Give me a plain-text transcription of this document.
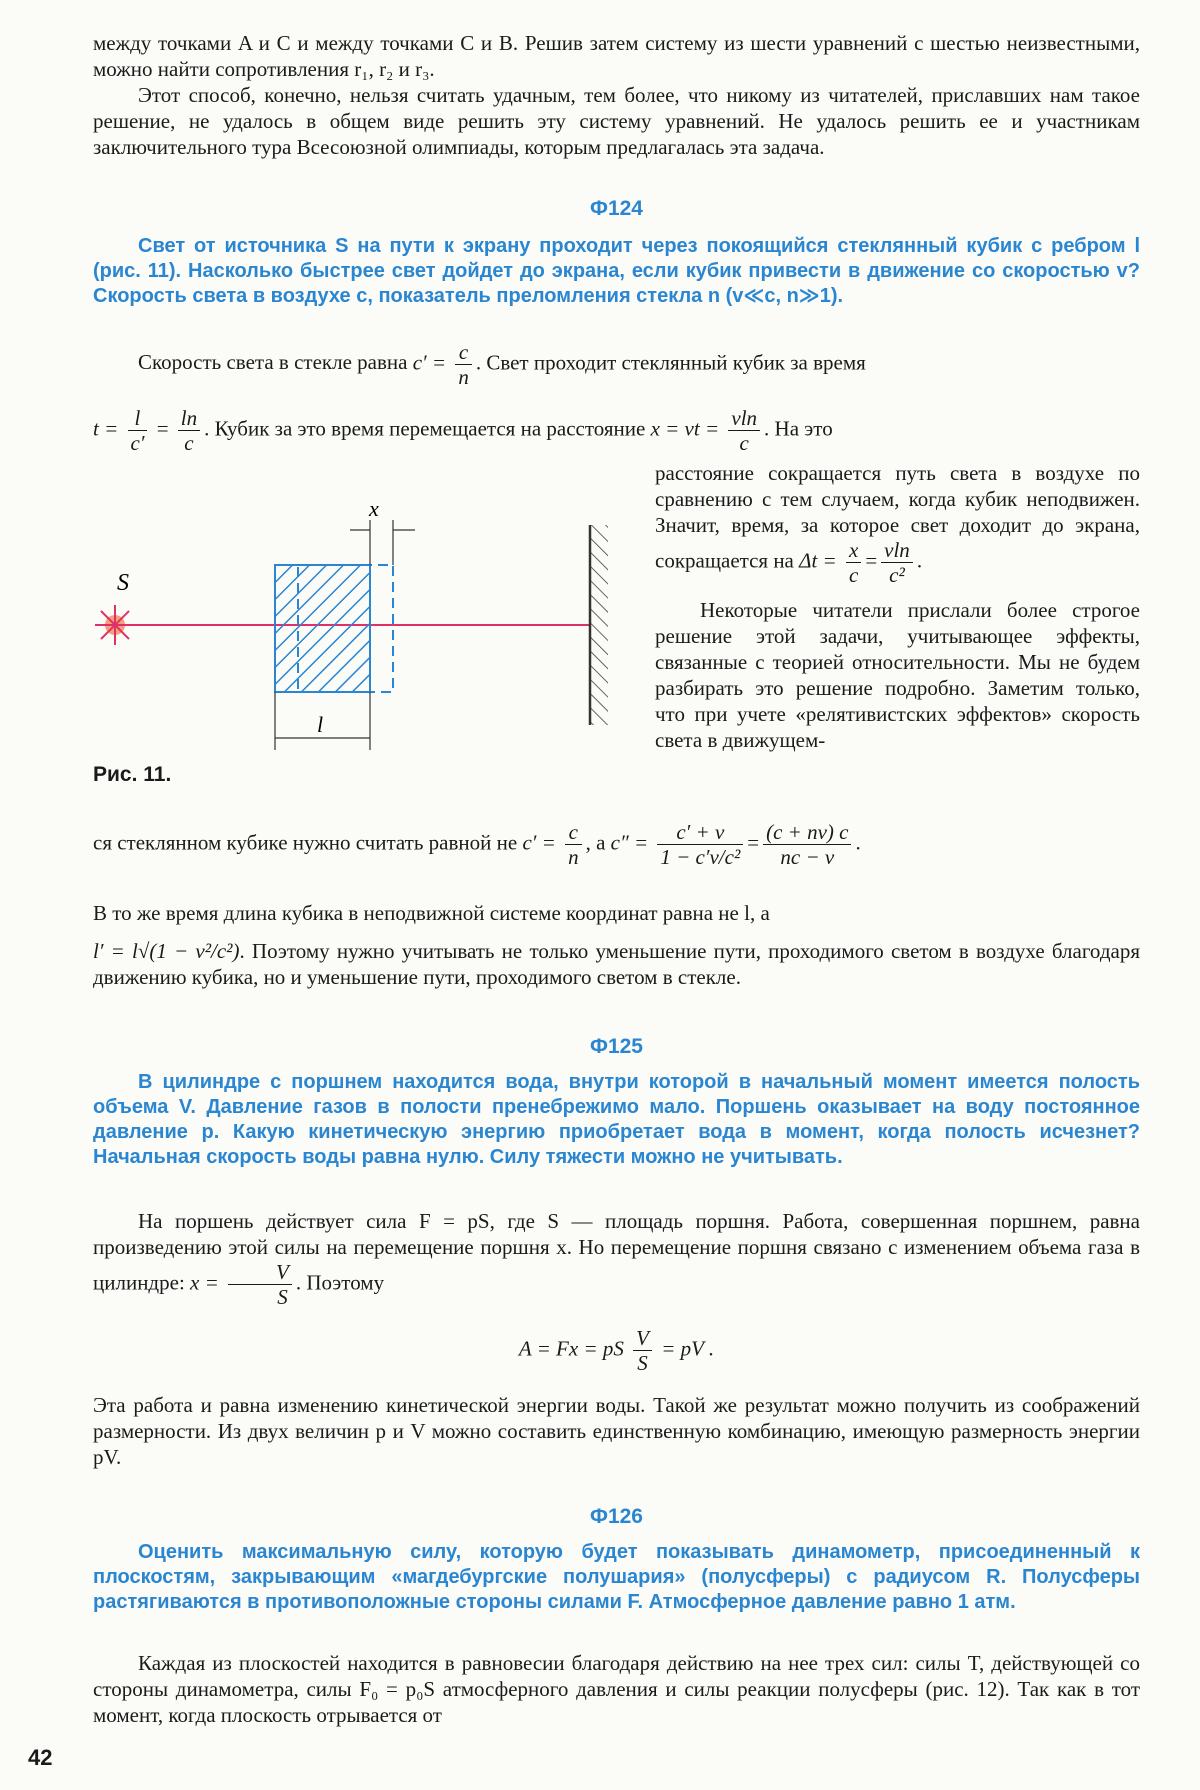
между точками A и C и между точками C и B. Решив затем систему из шести уравнений с шестью неизвестными, можно найти сопротивления r₁, r₂ и r₃.

Этот способ, конечно, нельзя считать удачным, тем более, что никому из читателей, приславших нам такое решение, не удалось в общем виде решить эту систему уравнений. Не удалось решить ее и участникам заключительного тура Всесоюзной олимпиады, которым предлагалась эта задача.

Ф124

Свет от источника S на пути к экрану проходит через покоящийся стеклянный кубик с ребром l (рис. 11). Насколько быстрее свет дойдет до экрана, если кубик привести в движение со скоростью v? Скорость света в воздухе c, показатель преломления стекла n (v≪c, n≫1).

Скорость света в стекле равна $c' = \frac{c}{n}$ . Свет проходит стеклянный кубик за время
$t = \frac{l}{c'} = \frac{\ln}{c}$ . Кубик за это время перемещается на расстояние x = vt = $\frac{vln}{c}$ . На это
S
x
l
Рис. 11.

расстояние сокращается путь света в воздухе по сравнению с тем случаем, когда кубик неподвижен. Значит, время, за которое свет доходит до экрана, сокращается на $\Delta t = \frac{x}{c} = \frac{vln}{\text{c²}}$ .

Некоторые читатели прислали более строгое решение этой задачи, учитывающее эффекты, связанные с теорией относительности. Мы не будем разбирать это решение подробно. Заметим только, что при учете «релятивистских эффектов» скорость света в движущем-

ся стеклянном кубике нужно считать равной не $c' = \frac{c}{n}$ , а $c'' = \frac{c' + v}{\text{1 − c′v/c²}} = \frac{(c + nv) c}{nc - v}$ .

В то же время длина кубика в неподвижной системе координат равна не l, а

l′ = l√(1 − v²/c²). Поэтому нужно учитывать не только уменьшение пути, проходимого светом в воздухе благодаря движению кубика, но и уменьшение пути, проходимого светом в стекле.

Ф125

В цилиндре с поршнем находится вода, внутри которой в начальный момент имеется полость объема V. Давление газов в полости пренебрежимо мало. Поршень оказывает на воду постоянное давление p. Какую кинетическую энергию приобретает вода в момент, когда полость исчезнет? Начальная скорость воды равна нулю. Силу тяжести можно не учитывать.

На поршень действует сила F = pS, где S — площадь поршня. Работа, совершенная поршнем, равна произведению этой силы на перемещение поршня x. Но перемещение поршня связано с изменением объема газа в цилиндре: $x = \frac{V}{S}$ . Поэтому

A = Fx = pS $\frac{V}{S}$ = pV .

Эта работа и равна изменению кинетической энергии воды. Такой же результат можно получить из соображений размерности. Из двух величин p и V можно составить единственную комбинацию, имеющую размерность энергии pV.

Ф126

Оценить максимальную силу, которую будет показывать динамометр, присоединенный к плоскостям, закрывающим «магдебургские полушария» (полусферы) с радиусом R. Полусферы растягиваются в противоположные стороны силами F. Атмосферное давление равно 1 атм.

Каждая из плоскостей находится в равновесии благодаря действию на нее трех сил: силы T, действующей со стороны динамометра, силы F₀ = p₀S атмосферного давления и силы реакции полусферы (рис. 12). Так как в тот момент, когда плоскость отрывается от

42
